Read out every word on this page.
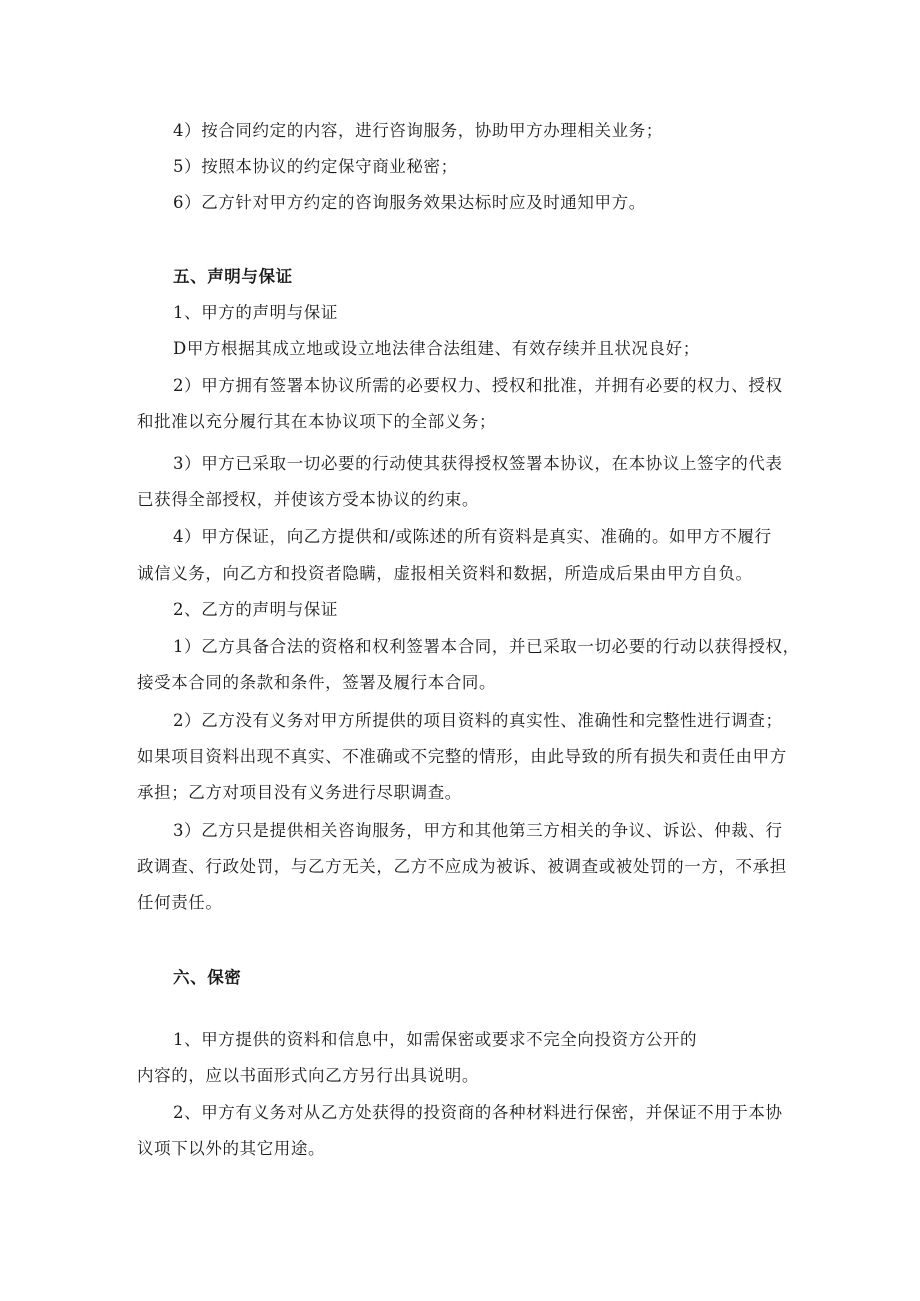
4）按合同约定的内容，进行咨询服务，协助甲方办理相关业务；
5）按照本协议的约定保守商业秘密；
6）乙方针对甲方约定的咨询服务效果达标时应及时通知甲方。
五、声明与保证
1、甲方的声明与保证
D甲方根据其成立地或设立地法律合法组建、有效存续并且状况良好；
2）甲方拥有签署本协议所需的必要权力、授权和批准，并拥有必要的权力、授权
和批准以充分履行其在本协议项下的全部义务；
3）甲方已采取一切必要的行动使其获得授权签署本协议，在本协议上签字的代表
已获得全部授权，并使该方受本协议的约束。
4）甲方保证，向乙方提供和/或陈述的所有资料是真实、准确的。如甲方不履行
诚信义务，向乙方和投资者隐瞒，虚报相关资料和数据，所造成后果由甲方自负。
2、乙方的声明与保证
1）乙方具备合法的资格和权利签署本合同，并已采取一切必要的行动以获得授权，
接受本合同的条款和条件，签署及履行本合同。
2）乙方没有义务对甲方所提供的项目资料的真实性、准确性和完整性进行调查；
如果项目资料出现不真实、不准确或不完整的情形，由此导致的所有损失和责任由甲方
承担；乙方对项目没有义务进行尽职调查。
3）乙方只是提供相关咨询服务，甲方和其他第三方相关的争议、诉讼、仲裁、行
政调查、行政处罚，与乙方无关，乙方不应成为被诉、被调查或被处罚的一方，不承担
任何责任。
六、保密
1、甲方提供的资料和信息中，如需保密或要求不完全向投资方公开的
内容的，应以书面形式向乙方另行出具说明。
2、甲方有义务对从乙方处获得的投资商的各种材料进行保密，并保证不用于本协
议项下以外的其它用途。
